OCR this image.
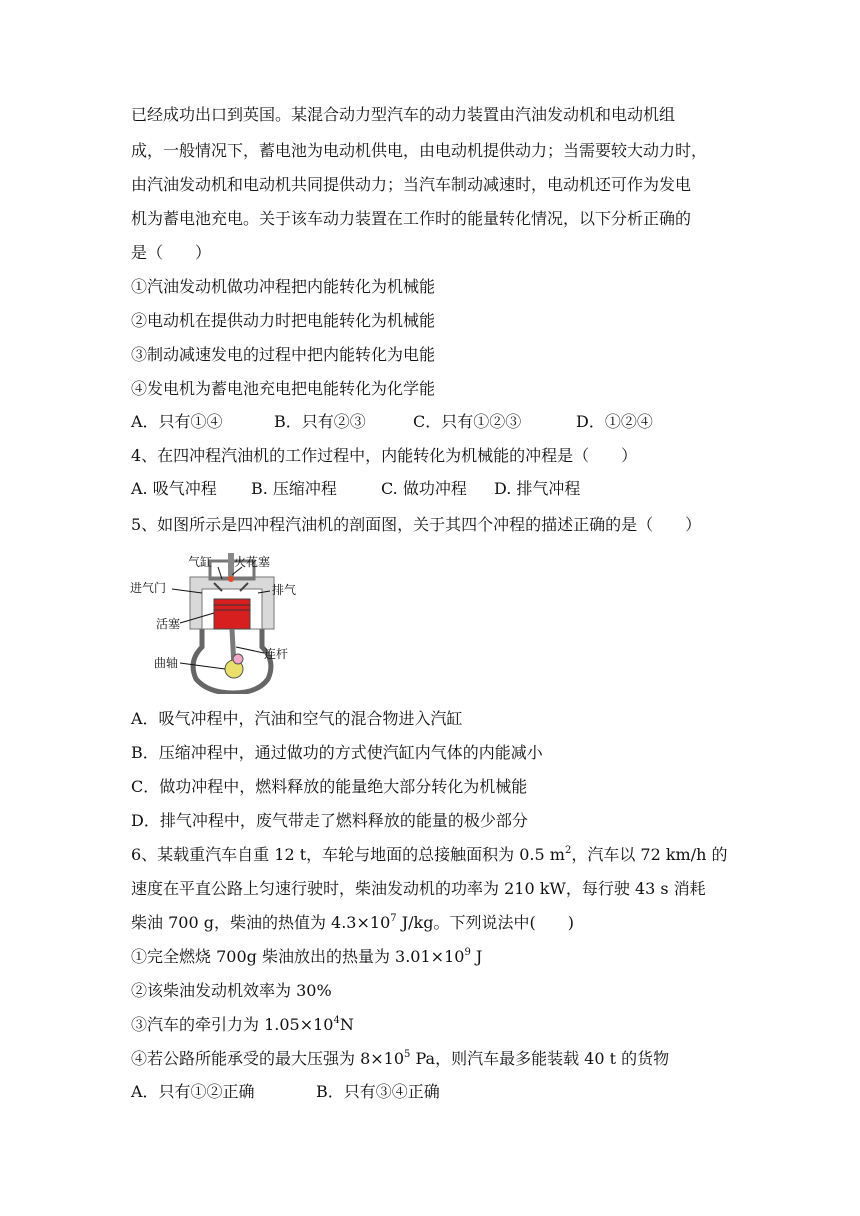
已经成功出口到英国。某混合动力型汽车的动力装置由汽油发动机和电动机组
成，一般情况下，蓄电池为电动机供电，由电动机提供动力；当需要较大动力时，
由汽油发动机和电动机共同提供动力；当汽车制动减速时，电动机还可作为发电
机为蓄电池充电。关于该车动力装置在工作时的能量转化情况，以下分析正确的
是（　　）
①汽油发动机做功冲程把内能转化为机械能
②电动机在提供动力时把电能转化为机械能
③制动减速发电的过程中把内能转化为电能
④发电机为蓄电池充电把电能转化为化学能
A．只有①④	B．只有②③	C．只有①②③	D．①②④
4、在四冲程汽油机的工作过程中，内能转化为机械能的冲程是（　　）
A. 吸气冲程 B. 压缩冲程	C. 做功冲程 D. 排气冲程
5、如图所示是四冲程汽油机的剖面图，关于其四个冲程的描述正确的是（　　）
气缸 火花塞
进气门	排气
活塞
连杆
曲轴
A．吸气冲程中，汽油和空气的混合物进入汽缸
B．压缩冲程中，通过做功的方式使汽缸内气体的内能减小
C．做功冲程中，燃料释放的能量绝大部分转化为机械能
D．排气冲程中，废气带走了燃料释放的能量的极少部分
6、某载重汽车自重 12 t，车轮与地面的总接触面积为 0.5 $m^2$，汽车以 72 km/h 的
速度在平直公路上匀速行驶时，柴油发动机的功率为 210 kW，每行驶 43 s 消耗
柴油 700 g，柴油的热值为 $4.3\times 10^7$ J/kg。下列说法中(　　)
①完全燃烧 700g 柴油放出的热量为 $3.01\times 10^9$ J
②该柴油发动机效率为 30%
③汽车的牵引力为 $1.05\times 10^4N$
④若公路所能承受的最大压强为 $8\times 10^5$ Pa，则汽车最多能装载 40 t 的货物
A．只有①②正确	B．只有③④正确
